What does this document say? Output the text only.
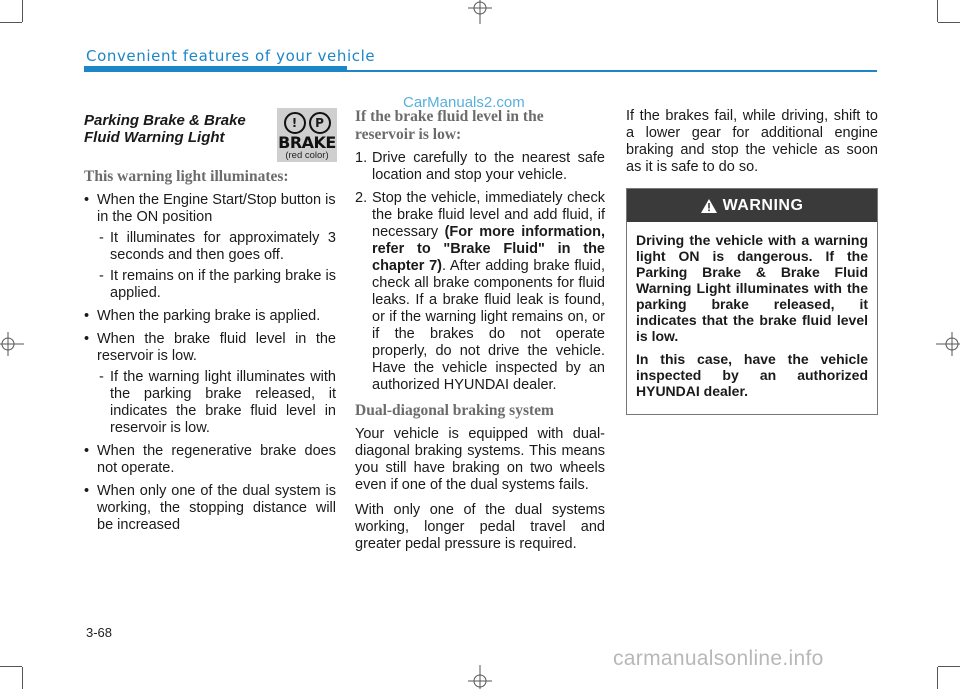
Convenient features of your vehicle
CarManuals2.com
Parking Brake & Brake Fluid Warning Light
!	P
BRAKE
(red color)
This warning light illuminates:
• When the Engine Start/Stop button is in the ON position
- It illuminates for approximately 3 seconds and then goes off.
- It remains on if the parking brake is applied.
• When the parking brake is applied.
• When the brake fluid level in the reservoir is low.
- If the warning light illuminates with the parking brake released, it indicates the brake fluid level in reservoir is low.
• When the regenerative brake does not operate.
• When only one of the dual system is working, the stopping distance will be increased
If the brake fluid level in the reservoir is low:
1. Drive carefully to the nearest safe location and stop your vehicle.
2. Stop the vehicle, immediately check the brake fluid level and add fluid, if necessary (For more information, refer to "Brake Fluid" in the chapter 7). After adding brake fluid, check all brake components for fluid leaks. If a brake fluid leak is found, or if the warning light remains on, or if the brakes do not operate properly, do not drive the vehicle. Have the vehicle inspected by an authorized HYUNDAI dealer.
Dual-diagonal braking system

Your vehicle is equipped with dual-diagonal braking systems. This means you still have braking on two wheels even if one of the dual systems fails.

With only one of the dual systems working, longer pedal travel and greater pedal pressure is required.

If the brakes fail, while driving, shift to a lower gear for additional engine braking and stop the vehicle as soon as it is safe to do so.

WARNING

Driving the vehicle with a warning light ON is dangerous. If the Parking Brake & Brake Fluid Warning Light illuminates with the parking brake released, it indicates that the brake fluid level is low.

In this case, have the vehicle inspected by an authorized HYUNDAI dealer.

3-68
carmanualsonline.info
